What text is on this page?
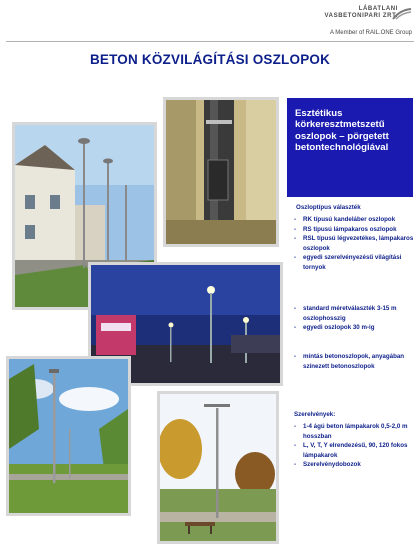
LÁBATLANI
VASBETONIPARI ZRT.
A Member of RAIL.ONE Group
BETON KÖZVILÁGÍTÁSI OSZLOPOK
Esztétikus körkeresztmetszetű oszlopok – pörgetett betontechnológiával
Oszloptípus választék
-	RK típusú kandeláber oszlopok
-	RS típusú lámpakaros oszlopok
-	RSL típusú légvezetékes, lámpakaros oszlopok
-	egyedi szerelvényezésű világítási tornyok
-	standard méretválaszték 3-15 m oszlophosszig
-	egyedi oszlopok 30 m-ig
-	mintás betonoszlopok, anyagában színezett betonoszlopok
Szerelvények:
-	1-4 ágú beton lámpakarok 0,5-2,0 m hosszban
-	L, V, T, Y elrendezésű, 90, 120 fokos lámpakarok
-	Szerelvénydobozok
